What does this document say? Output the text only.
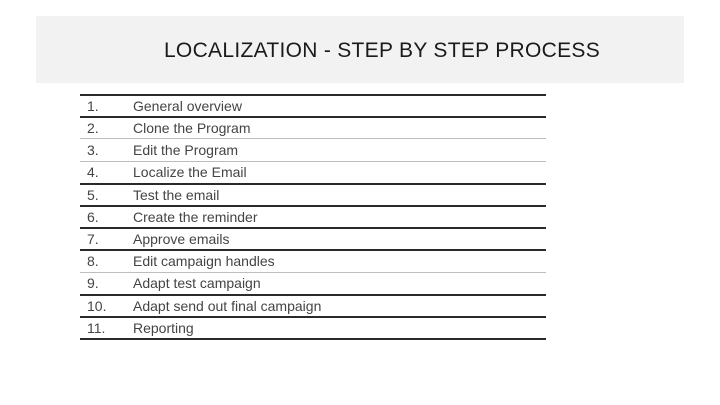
LOCALIZATION - STEP BY STEP PROCESS
1.	General overview
2.	Clone the Program
3.	Edit the Program
4.	Localize the Email
5.	Test the email
6.	Create the reminder
7.	Approve emails
8.	Edit campaign handles
9.	Adapt test campaign
10.	Adapt send out final campaign
11.	Reporting
